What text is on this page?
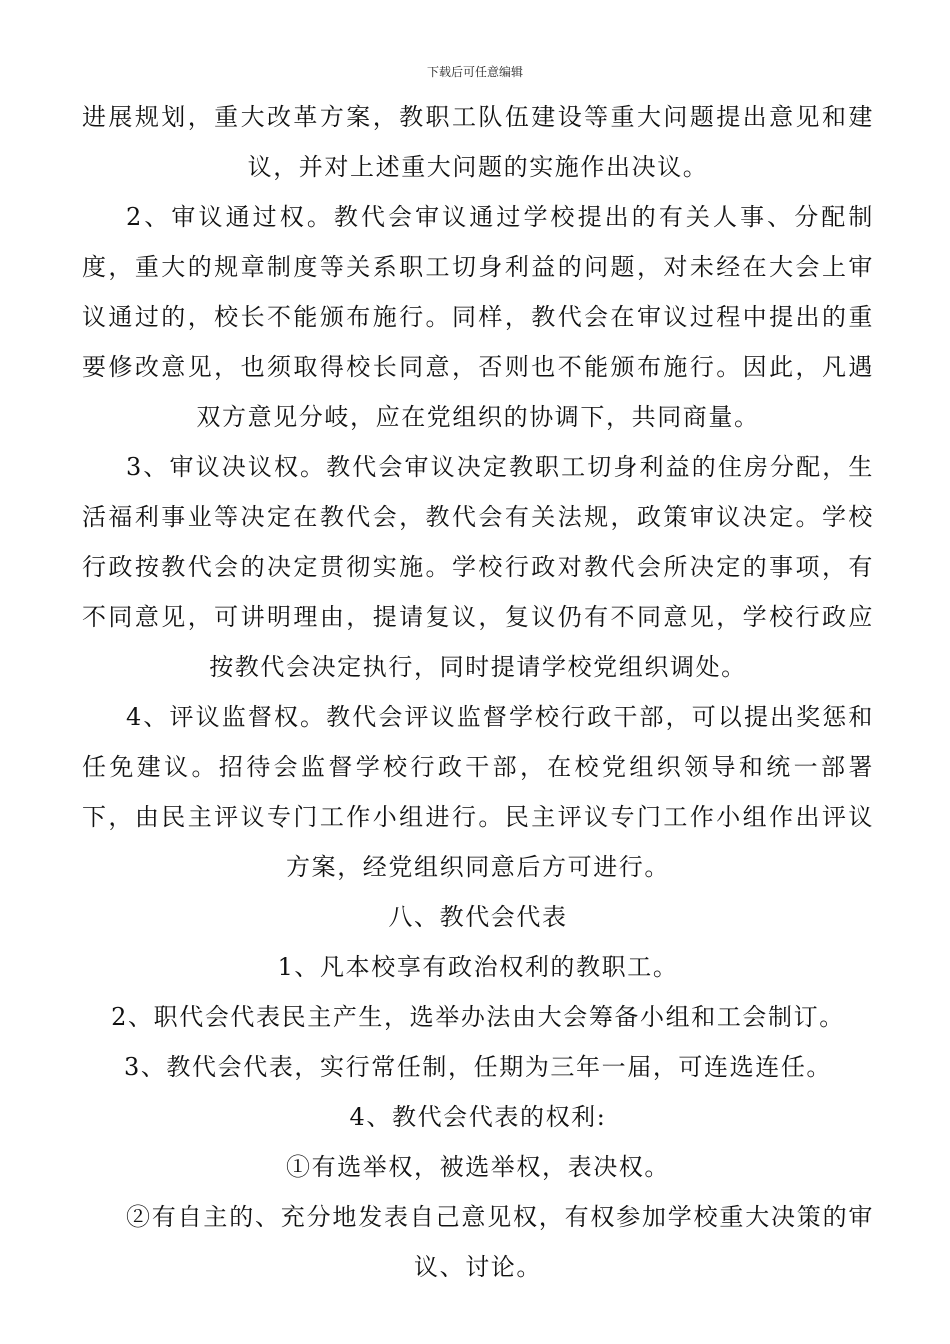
下载后可任意编辑

进展规划，重大改革方案，教职工队伍建设等重大问题提出意见和建议，并对上述重大问题的实施作出决议。

2、审议通过权。教代会审议通过学校提出的有关人事、分配制度，重大的规章制度等关系职工切身利益的问题，对未经在大会上审议通过的，校长不能颁布施行。同样，教代会在审议过程中提出的重要修改意见，也须取得校长同意，否则也不能颁布施行。因此，凡遇双方意见分岐，应在党组织的协调下，共同商量。

3、审议决议权。教代会审议决定教职工切身利益的住房分配，生活福利事业等决定在教代会，教代会有关法规，政策审议决定。学校行政按教代会的决定贯彻实施。学校行政对教代会所决定的事项，有不同意见，可讲明理由，提请复议，复议仍有不同意见，学校行政应按教代会决定执行，同时提请学校党组织调处。

4、评议监督权。教代会评议监督学校行政干部，可以提出奖惩和任免建议。招待会监督学校行政干部，在校党组织领导和统一部署下，由民主评议专门工作小组进行。民主评议专门工作小组作出评议方案，经党组织同意后方可进行。

八、教代会代表

1、凡本校享有政治权利的教职工。

2、职代会代表民主产生，选举办法由大会筹备小组和工会制订。

3、教代会代表，实行常任制，任期为三年一届，可连选连任。

4、教代会代表的权利:

①有选举权，被选举权，表决权。

②有自主的、充分地发表自己意见权，有权参加学校重大决策的审议、讨论。
